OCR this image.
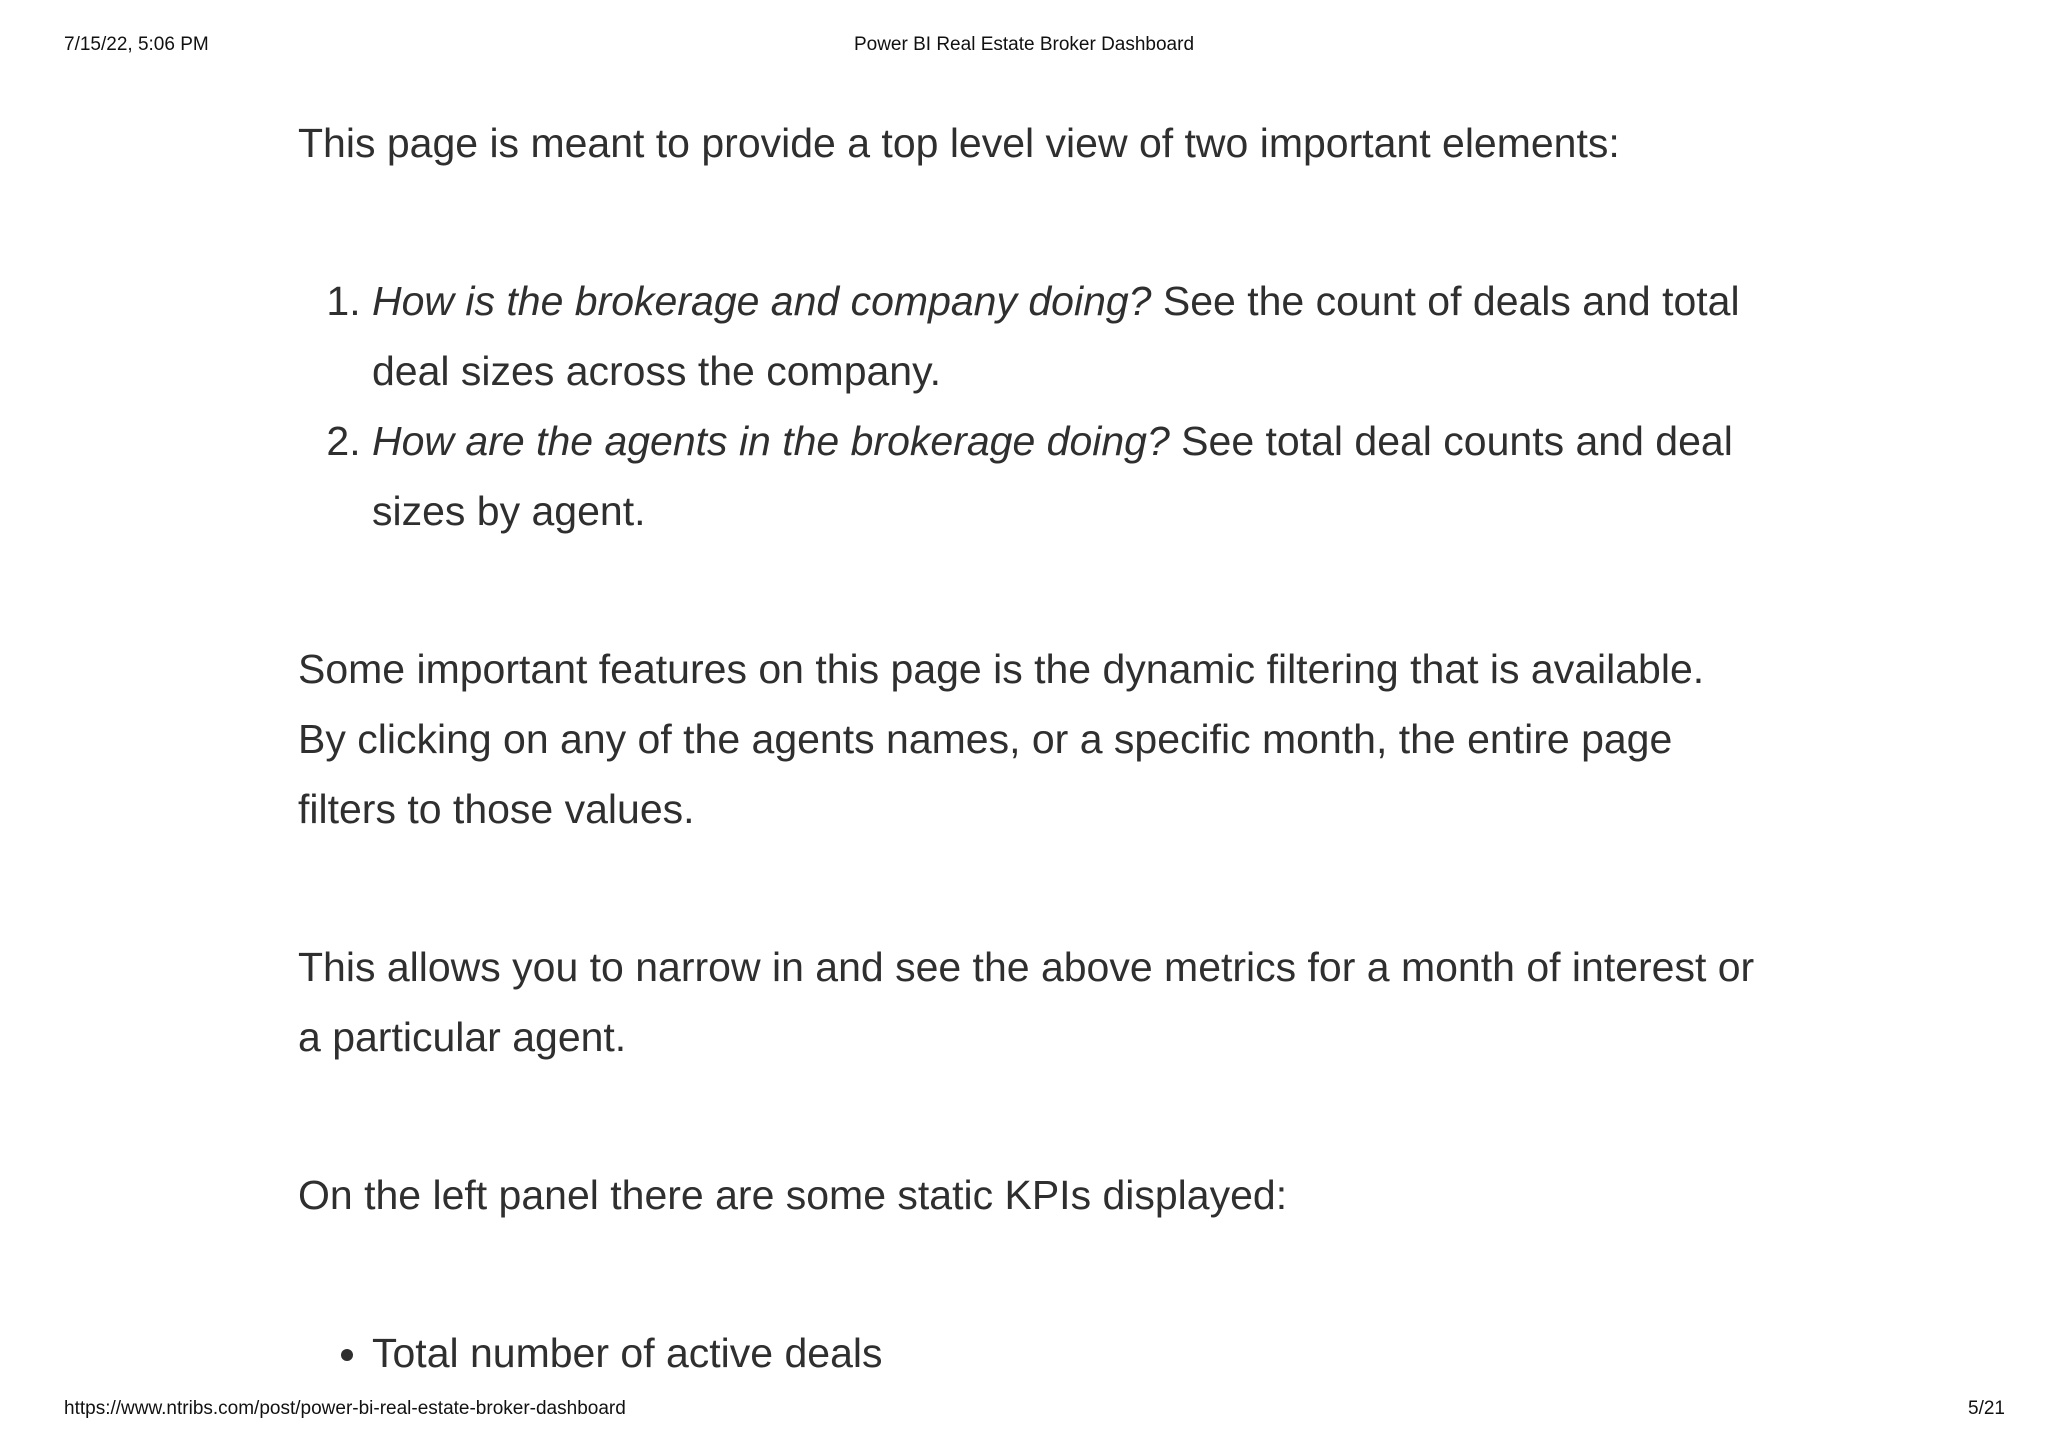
7/15/22, 5:06 PM	Power BI Real Estate Broker Dashboard

This page is meant to provide a top level view of two important elements:

1. How is the brokerage and company doing? See the count of deals and total deal sizes across the company.
2. How are the agents in the brokerage doing? See total deal counts and deal sizes by agent.

Some important features on this page is the dynamic filtering that is available. By clicking on any of the agents names, or a specific month, the entire page filters to those values.

This allows you to narrow in and see the above metrics for a month of interest or a particular agent.

On the left panel there are some static KPIs displayed:

• Total number of active deals
https://www.ntribs.com/post/power-bi-real-estate-broker-dashboard	5/21
